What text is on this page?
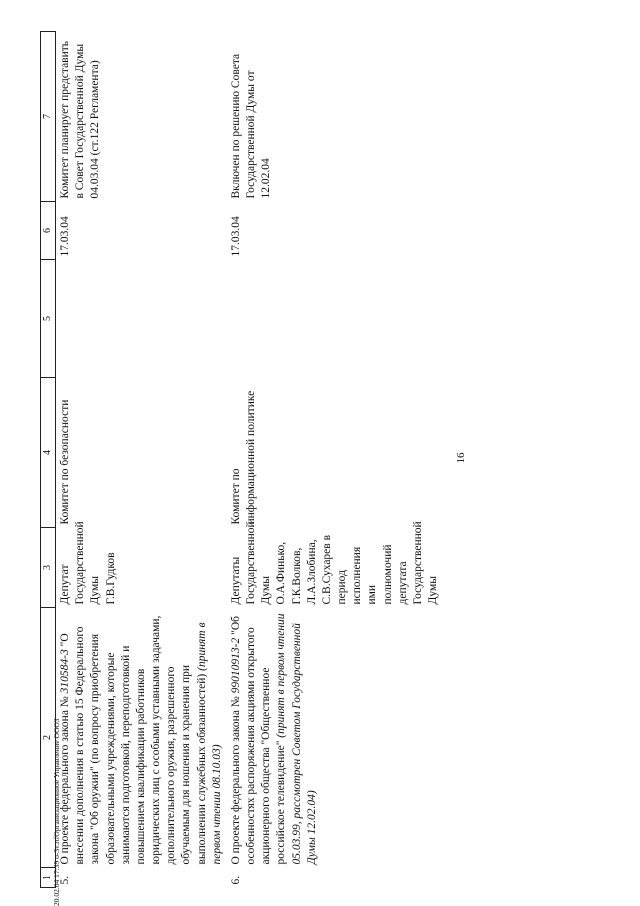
16
20.02.04 17:39 o-3v.rtfОрганизационное Управление ООО3
1	2	3	4	5	6	7
5.	О проекте федерального закона № 310584-3 "О внесении дополнения в статью 15 Федерального закона "Об оружии" (по вопросу приобретения образовательными учреждениями, которые занимаются подготовкой, переподготовкой и повышением квалификации работников юридических лиц с особыми уставными задачами, дополнительного оружия, разрешенного обучаемым для ношения и хранения при выполнении служебных обязанностей) (принят в первом чтении 08.10.03)	Депутат Государственной Думы Г.В.Гудков	Комитет по безопасности		17.03.04	Комитет планирует представить в Совет Государственной Думы 04.03.04 (ст.122 Регламента)
6.	О проекте федерального закона № 99010913-2 "Об особенностях распоряжения акциями открытого акционерного общества "Общественное российское телевидение" (принят в первом чтении 05.03.99, рассмотрен Советом Государственной Думы 12.02.04)	Депутаты Государственной Думы О.А.Финько, Г.К.Волков, Л.А.Злобина, С.В.Сухарев в период исполнения ими полномочий депутата Государственной Думы	Комитет по информационной политике		17.03.04	Включен по решению Совета Государственной Думы от 12.02.04
